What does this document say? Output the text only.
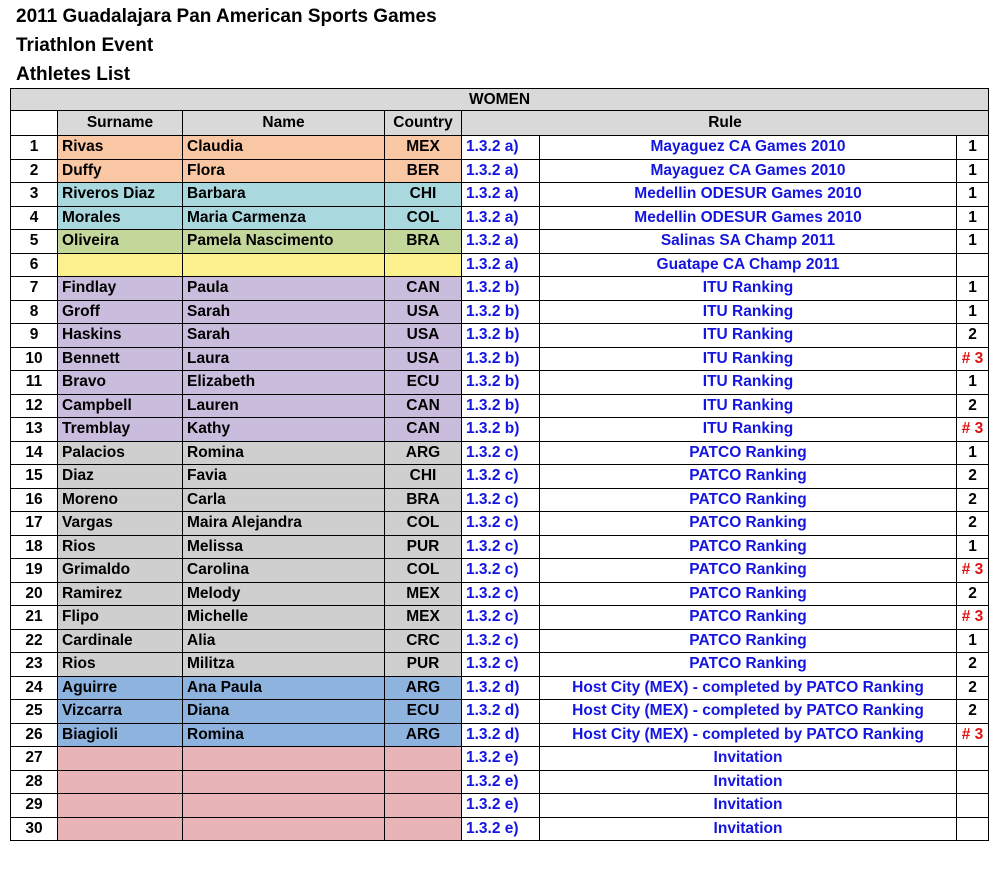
2011 Guadalajara Pan American Sports Games
Triathlon Event
Athletes List
WOMEN						
	Surname	Name	Country	Rule		
1	Rivas	Claudia	MEX	1.3.2 a)	Mayaguez CA Games 2010	1
2	Duffy	Flora	BER	1.3.2 a)	Mayaguez CA Games 2010	1
3	Riveros Diaz	Barbara	CHI	1.3.2 a)	Medellin ODESUR Games 2010	1
4	Morales	Maria Carmenza	COL	1.3.2 a)	Medellin ODESUR Games 2010	1
5	Oliveira	Pamela Nascimento	BRA	1.3.2 a)	Salinas SA Champ 2011	1
6				1.3.2 a)	Guatape CA Champ 2011	
7	Findlay	Paula	CAN	1.3.2 b)	ITU Ranking	1
8	Groff	Sarah	USA	1.3.2 b)	ITU Ranking	1
9	Haskins	Sarah	USA	1.3.2 b)	ITU Ranking	2
10	Bennett	Laura	USA	1.3.2 b)	ITU Ranking	# 3
11	Bravo	Elizabeth	ECU	1.3.2 b)	ITU Ranking	1
12	Campbell	Lauren	CAN	1.3.2 b)	ITU Ranking	2
13	Tremblay	Kathy	CAN	1.3.2 b)	ITU Ranking	# 3
14	Palacios	Romina	ARG	1.3.2 c)	PATCO Ranking	1
15	Diaz	Favia	CHI	1.3.2 c)	PATCO Ranking	2
16	Moreno	Carla	BRA	1.3.2 c)	PATCO Ranking	2
17	Vargas	Maira Alejandra	COL	1.3.2 c)	PATCO Ranking	2
18	Rios	Melissa	PUR	1.3.2 c)	PATCO Ranking	1
19	Grimaldo	Carolina	COL	1.3.2 c)	PATCO Ranking	# 3
20	Ramirez	Melody	MEX	1.3.2 c)	PATCO Ranking	2
21	Flipo	Michelle	MEX	1.3.2 c)	PATCO Ranking	# 3
22	Cardinale	Alia	CRC	1.3.2 c)	PATCO Ranking	1
23	Rios	Militza	PUR	1.3.2 c)	PATCO Ranking	2
24	Aguirre	Ana Paula	ARG	1.3.2 d)	Host City (MEX) - completed by PATCO Ranking	2
25	Vizcarra	Diana	ECU	1.3.2 d)	Host City (MEX) - completed by PATCO Ranking	2
26	Biagioli	Romina	ARG	1.3.2 d)	Host City (MEX) - completed by PATCO Ranking	# 3
27				1.3.2 e)	Invitation	
28				1.3.2 e)	Invitation	
29				1.3.2 e)	Invitation	
30				1.3.2 e)	Invitation	
